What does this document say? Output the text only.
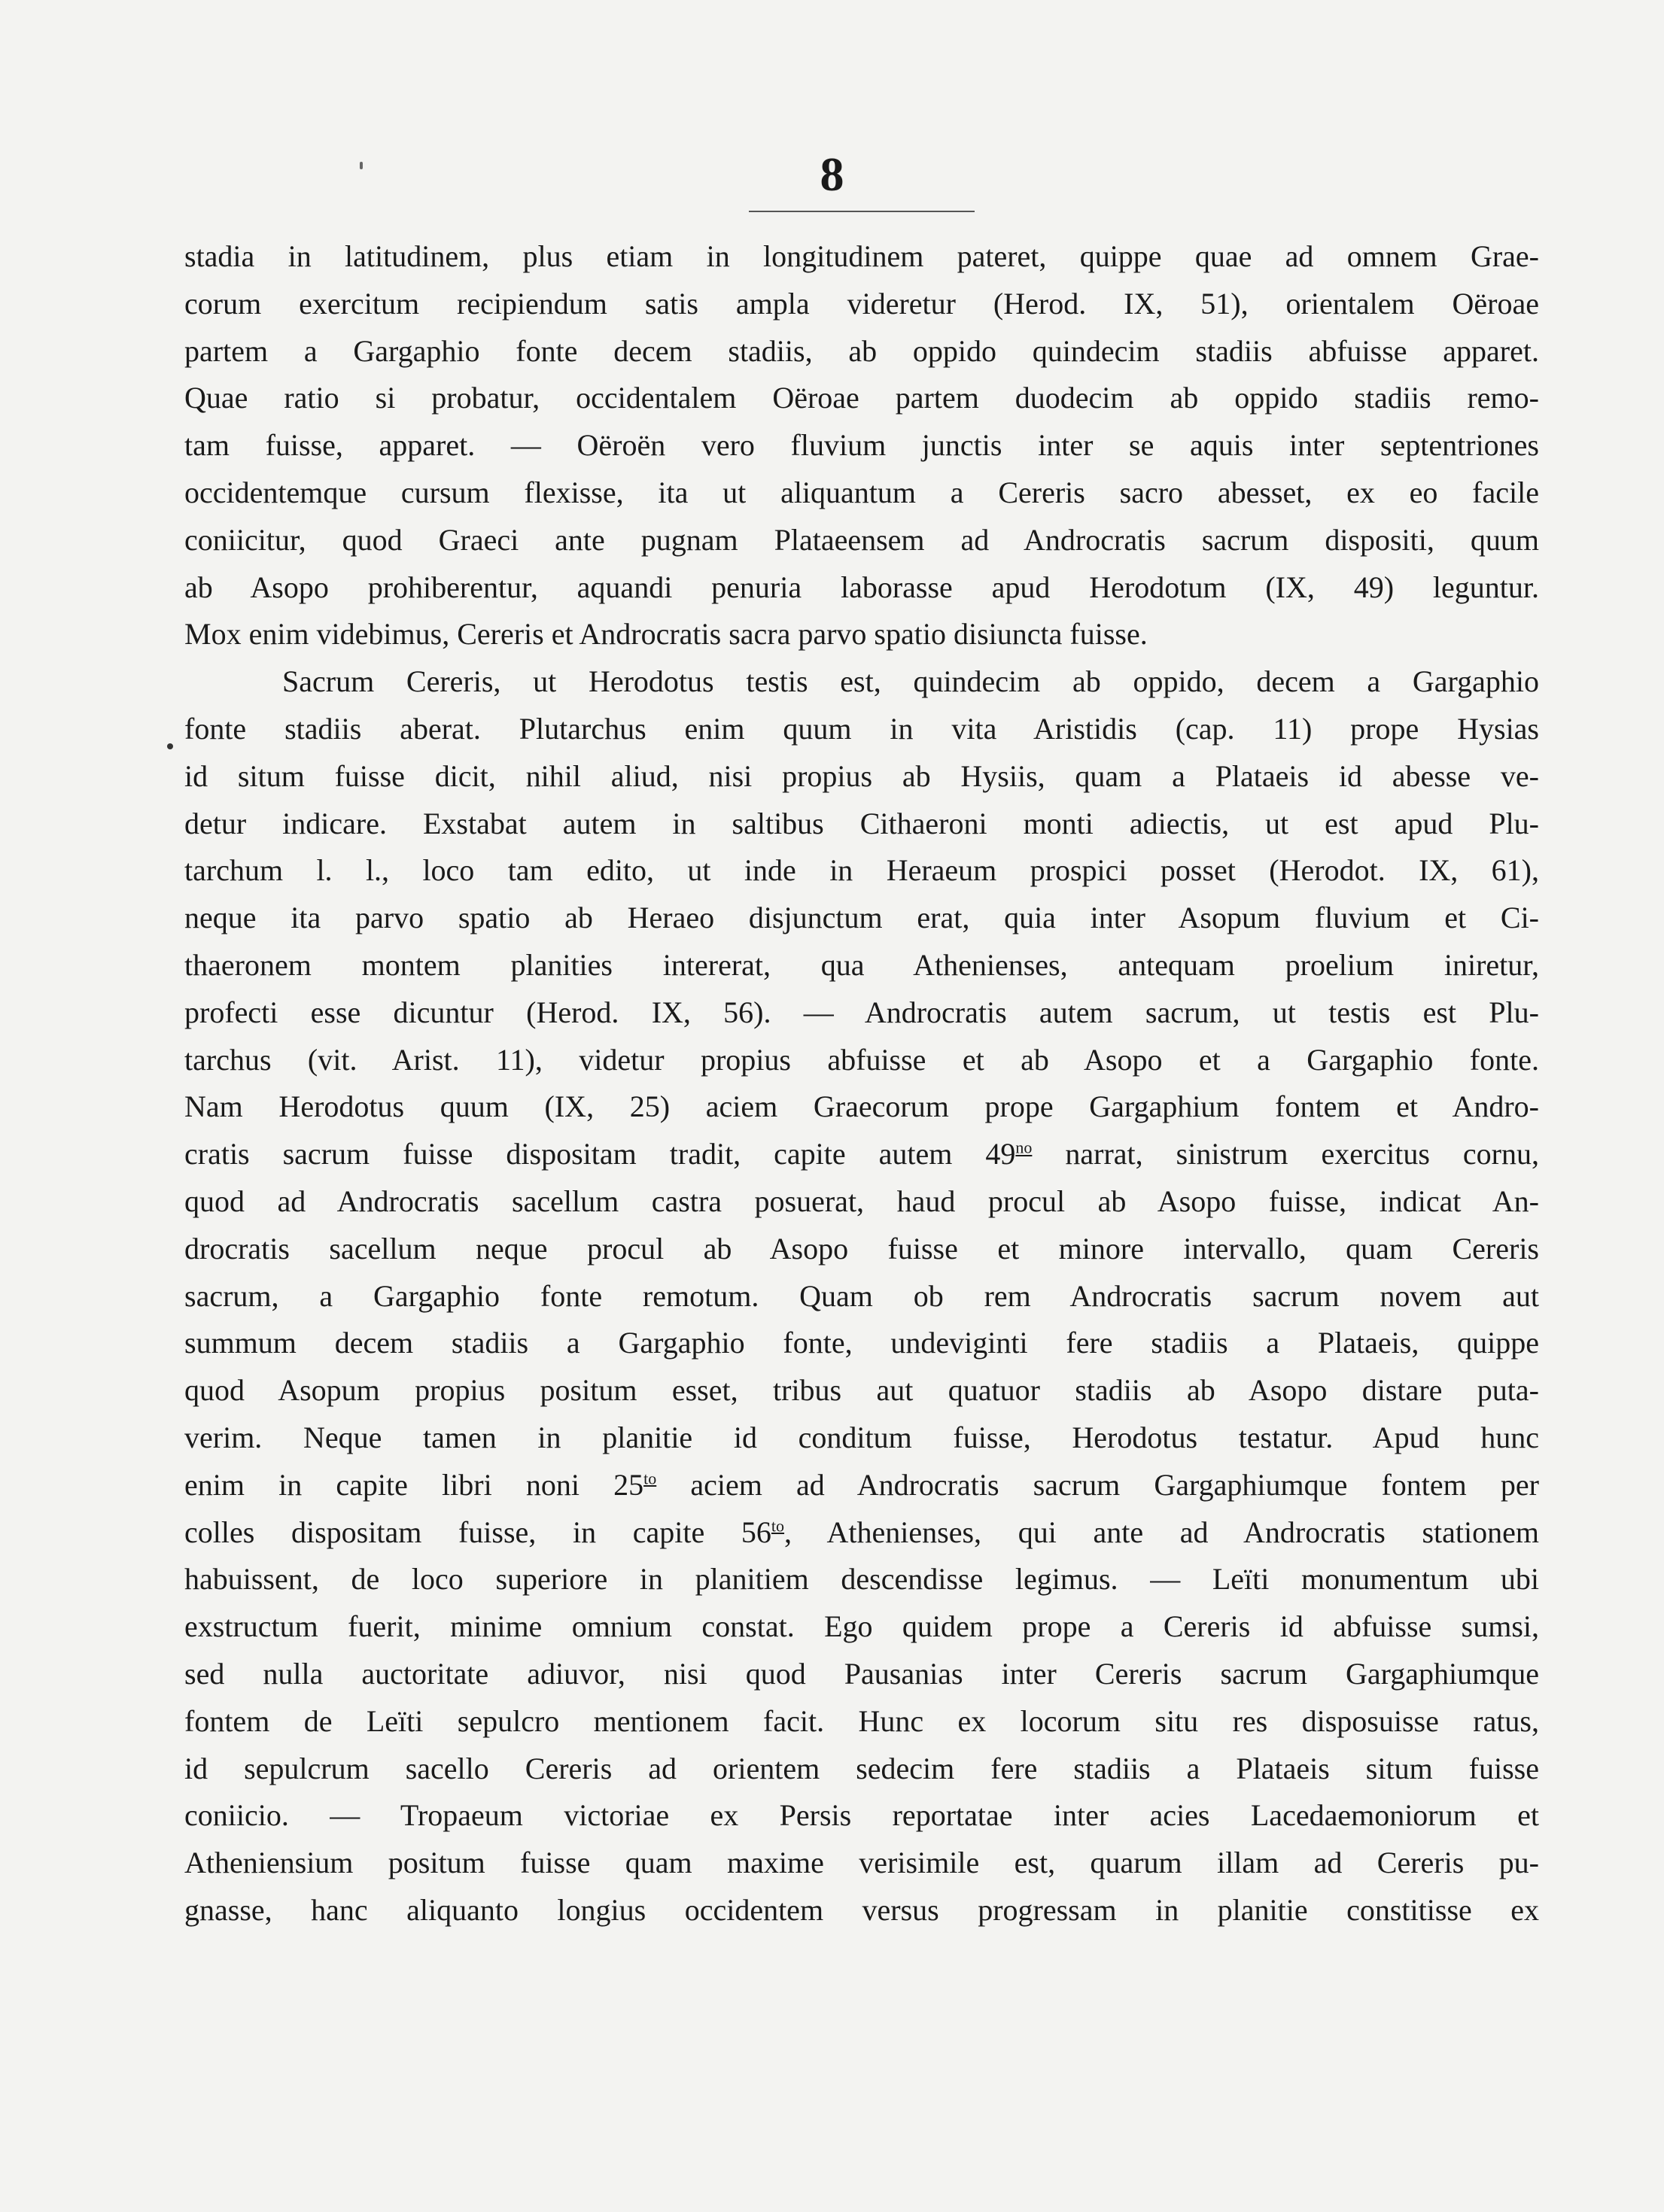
8
stadia in latitudinem, plus etiam in longitudinem pateret, quippe quae ad omnem Grae-
corum exercitum recipiendum satis ampla videretur (Herod. IX, 51), orientalem Oëroae
partem a Gargaphio fonte decem stadiis, ab oppido quindecim stadiis abfuisse apparet.
Quae ratio si probatur, occidentalem Oëroae partem duodecim ab oppido stadiis remo-
tam fuisse, apparet. — Oëroën vero fluvium junctis inter se aquis inter septentriones
occidentemque cursum flexisse, ita ut aliquantum a Cereris sacro abesset, ex eo facile
coniicitur, quod Graeci ante pugnam Plataeensem ad Androcratis sacrum dispositi, quum
ab Asopo prohiberentur, aquandi penuria laborasse apud Herodotum (IX, 49) leguntur.
Mox enim videbimus, Cereris et Androcratis sacra parvo spatio disiuncta fuisse.
Sacrum Cereris, ut Herodotus testis est, quindecim ab oppido, decem a Gargaphio
fonte stadiis aberat. Plutarchus enim quum in vita Aristidis (cap. 11) prope Hysias
id situm fuisse dicit, nihil aliud, nisi propius ab Hysiis, quam a Plataeis id abesse ve-
detur indicare. Exstabat autem in saltibus Cithaeroni monti adiectis, ut est apud Plu-
tarchum l. l., loco tam edito, ut inde in Heraeum prospici posset (Herodot. IX, 61),
neque ita parvo spatio ab Heraeo disjunctum erat, quia inter Asopum fluvium et Ci-
thaeronem montem planities intererat, qua Athenienses, antequam proelium iniretur,
profecti esse dicuntur (Herod. IX, 56). — Androcratis autem sacrum, ut testis est Plu-
tarchus (vit. Arist. 11), videtur propius abfuisse et ab Asopo et a Gargaphio fonte.
Nam Herodotus quum (IX, 25) aciem Graecorum prope Gargaphium fontem et Andro-
cratis sacrum fuisse dispositam tradit, capite autem $49^{no}$ narrat, sinistrum exercitus cornu,
quod ad Androcratis sacellum castra posuerat, haud procul ab Asopo fuisse, indicat An-
drocratis sacellum neque procul ab Asopo fuisse et minore intervallo, quam Cereris
sacrum, a Gargaphio fonte remotum. Quam ob rem Androcratis sacrum novem aut
summum decem stadiis a Gargaphio fonte, undeviginti fere stadiis a Plataeis, quippe
quod Asopum propius positum esset, tribus aut quatuor stadiis ab Asopo distare puta-
verim. Neque tamen in planitie id conditum fuisse, Herodotus testatur. Apud hunc
enim in capite libri noni $25^{to}$ aciem ad Androcratis sacrum Gargaphiumque fontem per
colles dispositam fuisse, in capite $56^{to}$, Athenienses, qui ante ad Androcratis stationem
habuissent, de loco superiore in planitiem descendisse legimus. — Leïti monumentum ubi
exstructum fuerit, minime omnium constat. Ego quidem prope a Cereris id abfuisse sumsi,
sed nulla auctoritate adiuvor, nisi quod Pausanias inter Cereris sacrum Gargaphiumque
fontem de Leïti sepulcro mentionem facit. Hunc ex locorum situ res disposuisse ratus,
id sepulcrum sacello Cereris ad orientem sedecim fere stadiis a Plataeis situm fuisse
coniicio. — Tropaeum victoriae ex Persis reportatae inter acies Lacedaemoniorum et
Atheniensium positum fuisse quam maxime verisimile est, quarum illam ad Cereris pu-
gnasse, hanc aliquanto longius occidentem versus progressam in planitie constitisse ex
